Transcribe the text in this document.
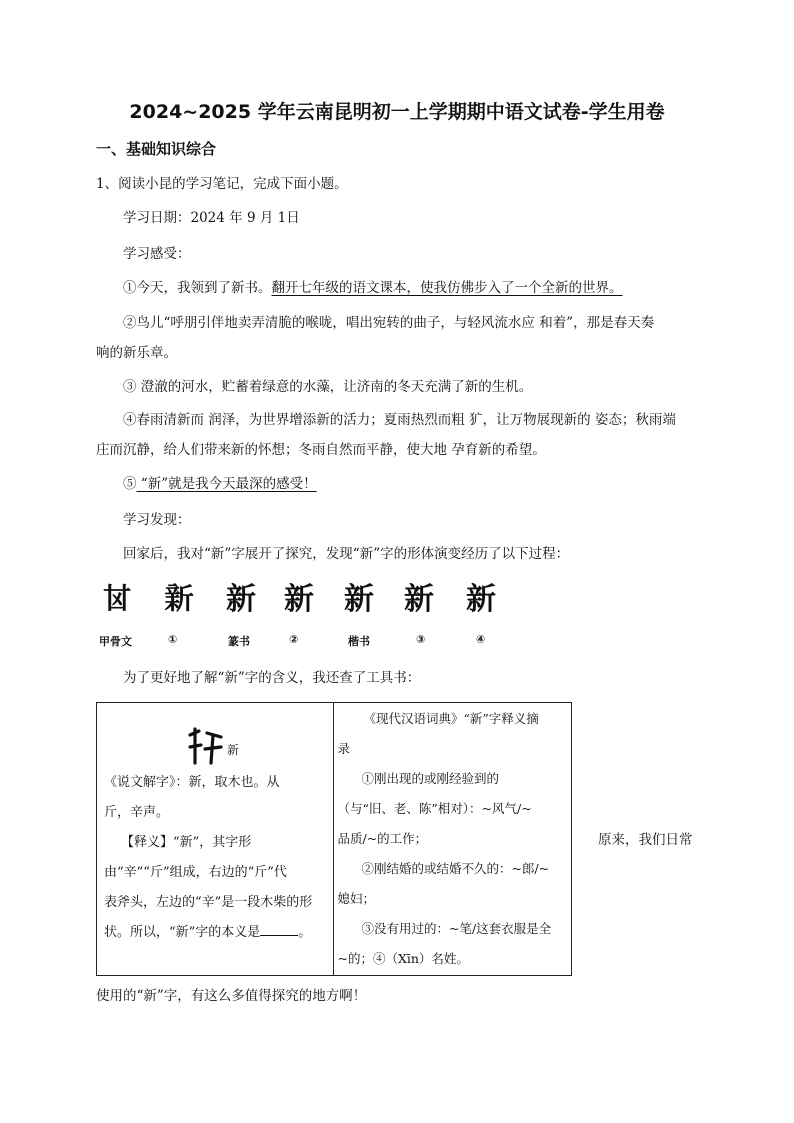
2024~2025 学年云南昆明初一上学期期中语文试卷-学生用卷
一、基础知识综合
1、阅读小昆的学习笔记，完成下面小题。
学习日期：2024 年 9 月 1日
学习感受：
①今天，我领到了新书。翻开七年级的语文课本，使我仿佛步入了一个全新的世界。
②鸟儿“呼朋引伴地卖弄清脆的喉咙，唱出宛转的曲子，与轻风流水应 和着”，那是春天奏
响的新乐章。
③ 澄澈的河水，贮蓄着绿意的水藻，让济南的冬天充满了新的生机。
④春雨清新而 润泽，为世界增添新的活力；夏雨热烈而粗 犷，让万物展现新的 姿态；秋雨端
庄而沉静，给人们带来新的怀想；冬雨自然而平静，使大地 孕育新的希望。
⑤ “新”就是我今天最深的感受！
学习发现：
回家后，我对“新”字展开了探究，发现“新”字的形体演变经历了以下过程：
𠀠 𣂺 新 新 新 新 新
甲骨文	①	篆书	②	楷书	③	④
为了更好地了解“新”字的含义，我还查了工具书：
新
《说文解字》：新，取木也。从
斤，辛声。
【释义】“新”，其字形
由“辛”“斤”组成，右边的“斤”代
表斧头，左边的“辛”是一段木柴的形
状。所以，“新”字的本义是	。

《现代汉语词典》“新”字释义摘
录
①刚出现的或刚经验到的
（与“旧、老、陈”相对）：~风气/~
品质/~的工作；
②刚结婚的或结婚不久的：~郎/~
媳妇；
③没有用过的：~笔/这套衣服是全
~的；④（Xīn）名姓。
原来，我们日常
使用的“新”字，有这么多值得探究的地方啊！
